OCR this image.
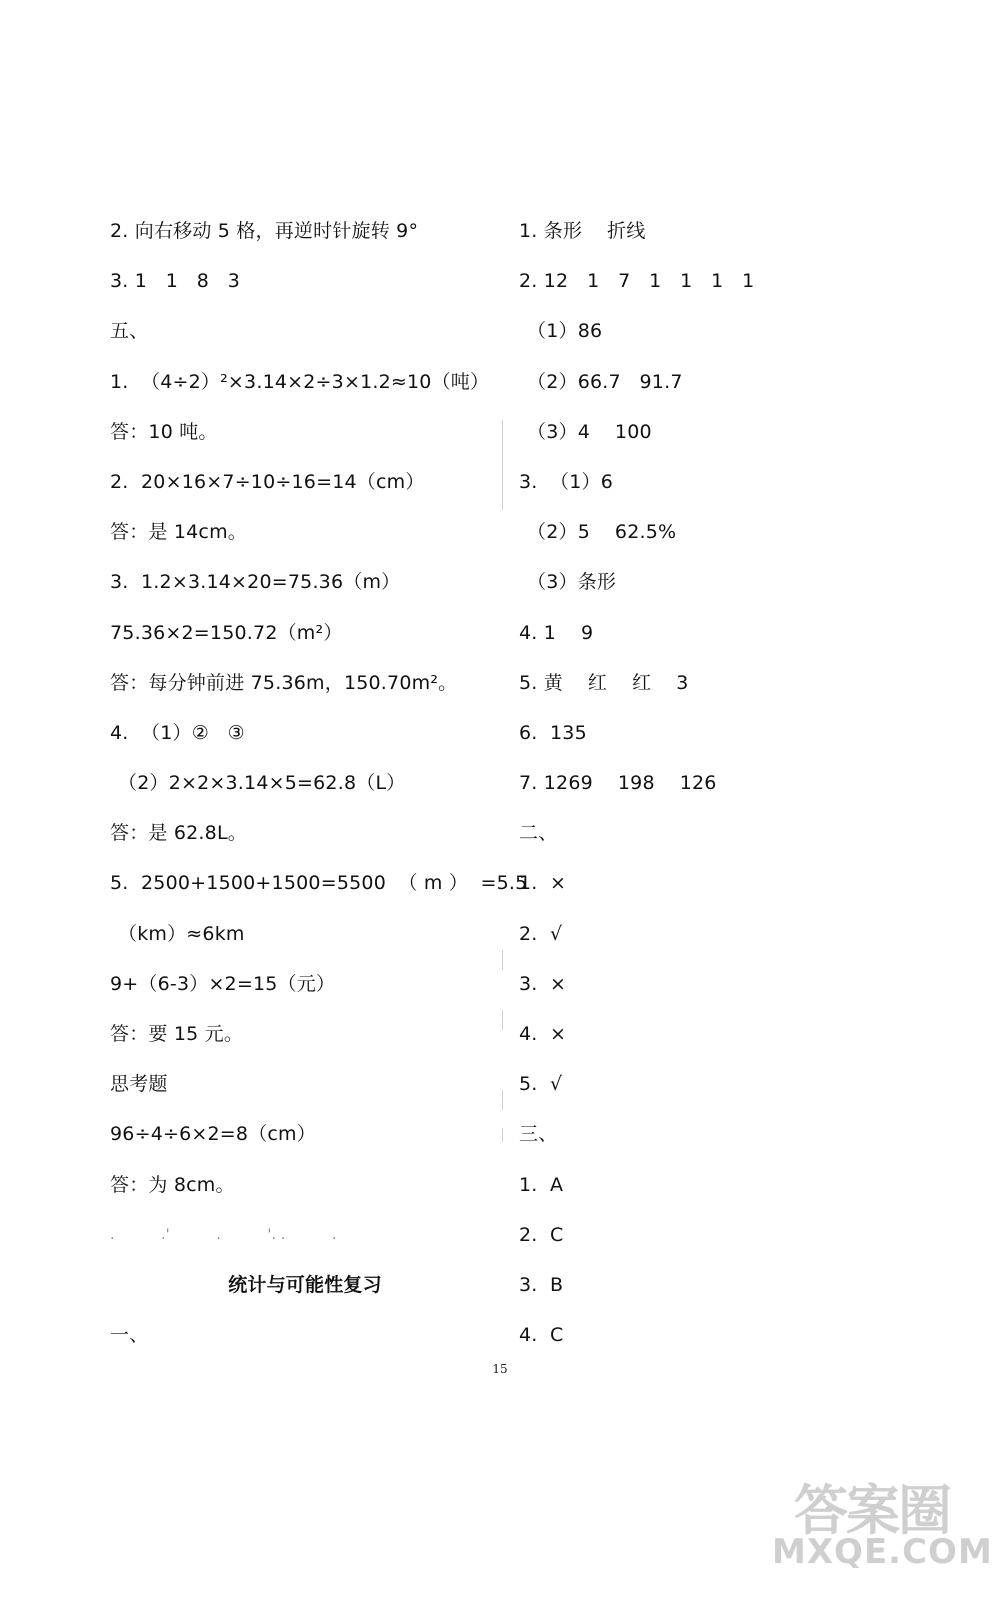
2. 向右移动 5 格，再逆时针旋转 9°
3. 1   1   8   3
五、
1.  （4÷2）²×3.14×2÷3×1.2≈10（吨）
答：10 吨。
2.  20×16×7÷10÷16=14（cm）
答：是 14cm。
3.  1.2×3.14×20=75.36（m）
75.36×2=150.72（m²）
答：每分钟前进 75.36m，150.70m²。
4.  （1）②   ③
（2）2×2×3.14×5=62.8（L）
答：是 62.8L。
5.  2500+1500+1500=5500  （ m ）  =5.5
（km）≈6km
9+（6-3）×2=15（元）
答：要 15 元。
思考题
96÷4÷6×2=8（cm）
答：为 8cm。
.          .'          .          '. .          .
统计与可能性复习
一、
1. 条形    折线
2. 12   1   7   1   1   1   1
（1）86
（2）66.7   91.7
（3）4    100
3.  （1）6
（2）5    62.5%
（3）条形
4. 1    9
5. 黄    红    红    3
6.  135
7. 1269    198    126
二、
1.  ×
2.  √
3.  ×
4.  ×
5.  √
三、
1.  A
2.  C
3.  B
4.  C
15
答案圈
MXQE.COM
